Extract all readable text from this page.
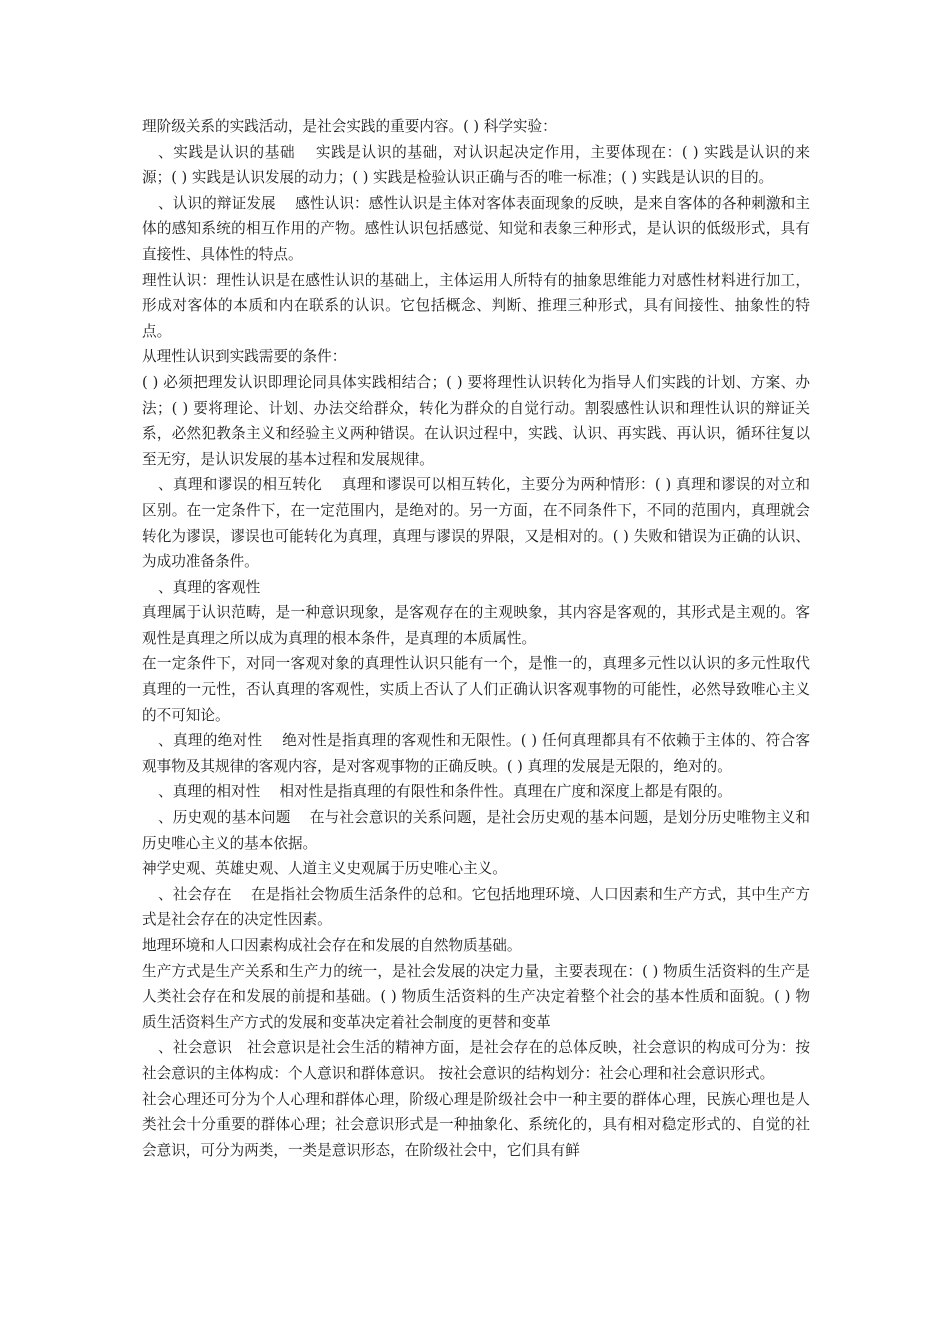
理阶级关系的实践活动，是社会实践的重要内容。( ) 科学实验：

、实践是认识的基础　 实践是认识的基础，对认识起决定作用，主要体现在：( ) 实践是认识的来源；( ) 实践是认识发展的动力；( ) 实践是检验认识正确与否的唯一标准；( ) 实践是认识的目的。

、认识的辩证发展　 感性认识：感性认识是主体对客体表面现象的反映，是来自客体的各种刺激和主体的感知系统的相互作用的产物。感性认识包括感觉、知觉和表象三种形式，是认识的低级形式，具有直接性、具体性的特点。

理性认识：理性认识是在感性认识的基础上，主体运用人所特有的抽象思维能力对感性材料进行加工，形成对客体的本质和内在联系的认识。它包括概念、判断、推理三种形式，具有间接性、抽象性的特点。

从理性认识到实践需要的条件：

( ) 必须把理发认识即理论同具体实践相结合；( ) 要将理性认识转化为指导人们实践的计划、方案、办法；( ) 要将理论、计划、办法交给群众，转化为群众的自觉行动。割裂感性认识和理性认识的辩证关系，必然犯教条主义和经验主义两种错误。在认识过程中，实践、认识、再实践、再认识，循环往复以至无穷，是认识发展的基本过程和发展规律。

、真理和谬误的相互转化　 真理和谬误可以相互转化，主要分为两种情形：( ) 真理和谬误的对立和区别。在一定条件下，在一定范围内，是绝对的。另一方面，在不同条件下，不同的范围内，真理就会转化为谬误，谬误也可能转化为真理，真理与谬误的界限，又是相对的。( ) 失败和错误为正确的认识、为成功准备条件。

、真理的客观性

真理属于认识范畴，是一种意识现象，是客观存在的主观映象，其内容是客观的，其形式是主观的。客观性是真理之所以成为真理的根本条件，是真理的本质属性。

在一定条件下，对同一客观对象的真理性认识只能有一个，是惟一的，真理多元性以认识的多元性取代真理的一元性，否认真理的客观性，实质上否认了人们正确认识客观事物的可能性，必然导致唯心主义的不可知论。

、真理的绝对性　 绝对性是指真理的客观性和无限性。( ) 任何真理都具有不依赖于主体的、符合客观事物及其规律的客观内容，是对客观事物的正确反映。( ) 真理的发展是无限的，绝对的。

、真理的相对性　 相对性是指真理的有限性和条件性。真理在广度和深度上都是有限的。

、历史观的基本问题　 在与社会意识的关系问题，是社会历史观的基本问题，是划分历史唯物主义和历史唯心主义的基本依据。

神学史观、英雄史观、人道主义史观属于历史唯心主义。

、社会存在　 在是指社会物质生活条件的总和。它包括地理环境、人口因素和生产方式，其中生产方式是社会存在的决定性因素。

地理环境和人口因素构成社会存在和发展的自然物质基础。

生产方式是生产关系和生产力的统一，是社会发展的决定力量，主要表现在：( ) 物质生活资料的生产是人类社会存在和发展的前提和基础。( ) 物质生活资料的生产决定着整个社会的基本性质和面貌。( ) 物质生活资料生产方式的发展和变革决定着社会制度的更替和变革

、社会意识　社会意识是社会生活的精神方面，是社会存在的总体反映，社会意识的构成可分为：按社会意识的主体构成：个人意识和群体意识。 按社会意识的结构划分：社会心理和社会意识形式。

社会心理还可分为个人心理和群体心理，阶级心理是阶级社会中一种主要的群体心理，民族心理也是人类社会十分重要的群体心理；社会意识形式是一种抽象化、系统化的，具有相对稳定形式的、自觉的社会意识，可分为两类，一类是意识形态，在阶级社会中，它们具有鲜
